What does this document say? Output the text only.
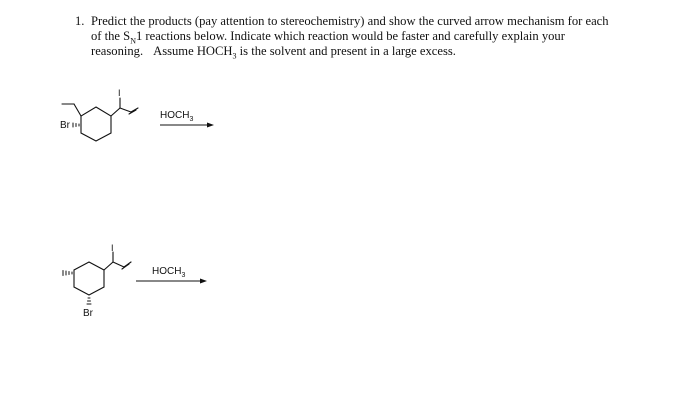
1. Predict the products (pay attention to stereochemistry) and show the curved arrow mechanism for each
of the $S_N1$ reactions below. Indicate which reaction would be faster and carefully explain your
reasoning. Assume $HOCH_3$ is the solvent and present in a large excess.
Br
I
$HOCH_3$
I
Br
$HOCH_3$
